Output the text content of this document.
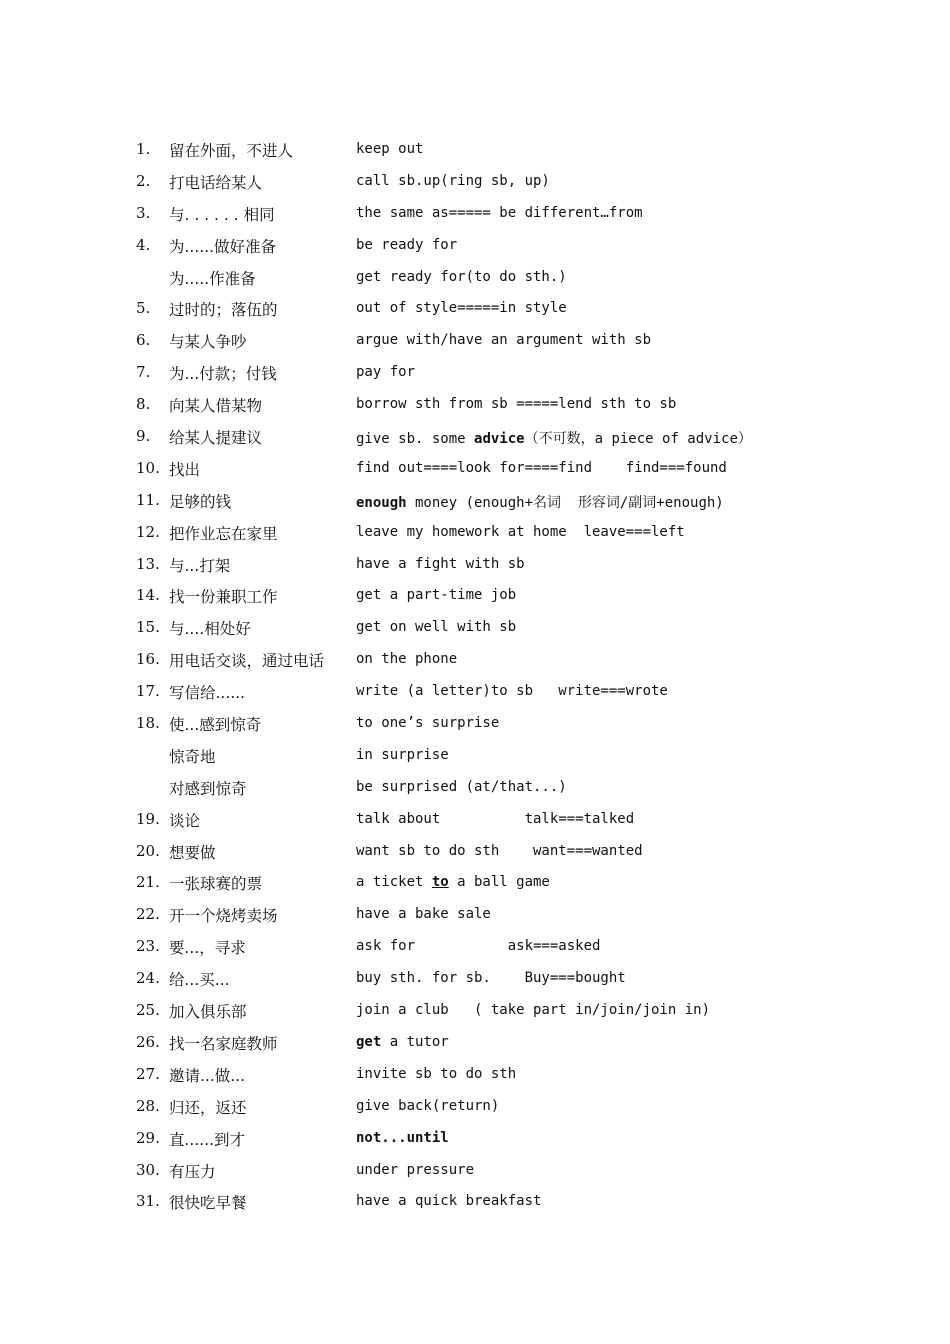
1.	留在外面，不进人	keep out
2.	打电话给某人	call sb.up(ring sb, up)
3.	与. . . . . . 相同	the same as===== be different…from
4.	为......做好准备	be ready for
为.....作准备	get ready for(to do sth.)
5.	过时的；落伍的	out of style=====in style
6.	与某人争吵	argue with/have an argument with sb
7.	为...付款；付钱	pay for
8.	向某人借某物	borrow sth from sb =====lend sth to sb
9.	给某人提建议	give sb. some advice（不可数，a piece of advice）
10. 找出	find out====look for====find    find===found
11. 足够的钱	enough money (enough+名词  形容词/副词+enough)
12. 把作业忘在家里	leave my homework at home  leave===left
13. 与...打架	have a fight with sb
14. 找一份兼职工作	get a part-time job
15. 与....相处好	get on well with sb
16. 用电话交谈，通过电话 on the phone
17. 写信给......	write (a letter)to sb   write===wrote
18. 使...感到惊奇	to one’s surprise
惊奇地	in surprise
对感到惊奇	be surprised (at/that...)
19. 谈论	talk about          talk===talked
20. 想要做	want sb to do sth    want===wanted
21. 一张球赛的票	a ticket to a ball game
22. 开一个烧烤卖场	have a bake sale
23. 要...，寻求	ask for           ask===asked
24. 给...买...	buy sth. for sb.    Buy===bought
25. 加入俱乐部	join a club   ( take part in/join/join in)
26. 找一名家庭教师	get a tutor
27. 邀请...做...	invite sb to do sth
28. 归还，返还	give back(return)
29. 直......到才	not...until
30. 有压力	under pressure
31. 很快吃早餐	have a quick breakfast
